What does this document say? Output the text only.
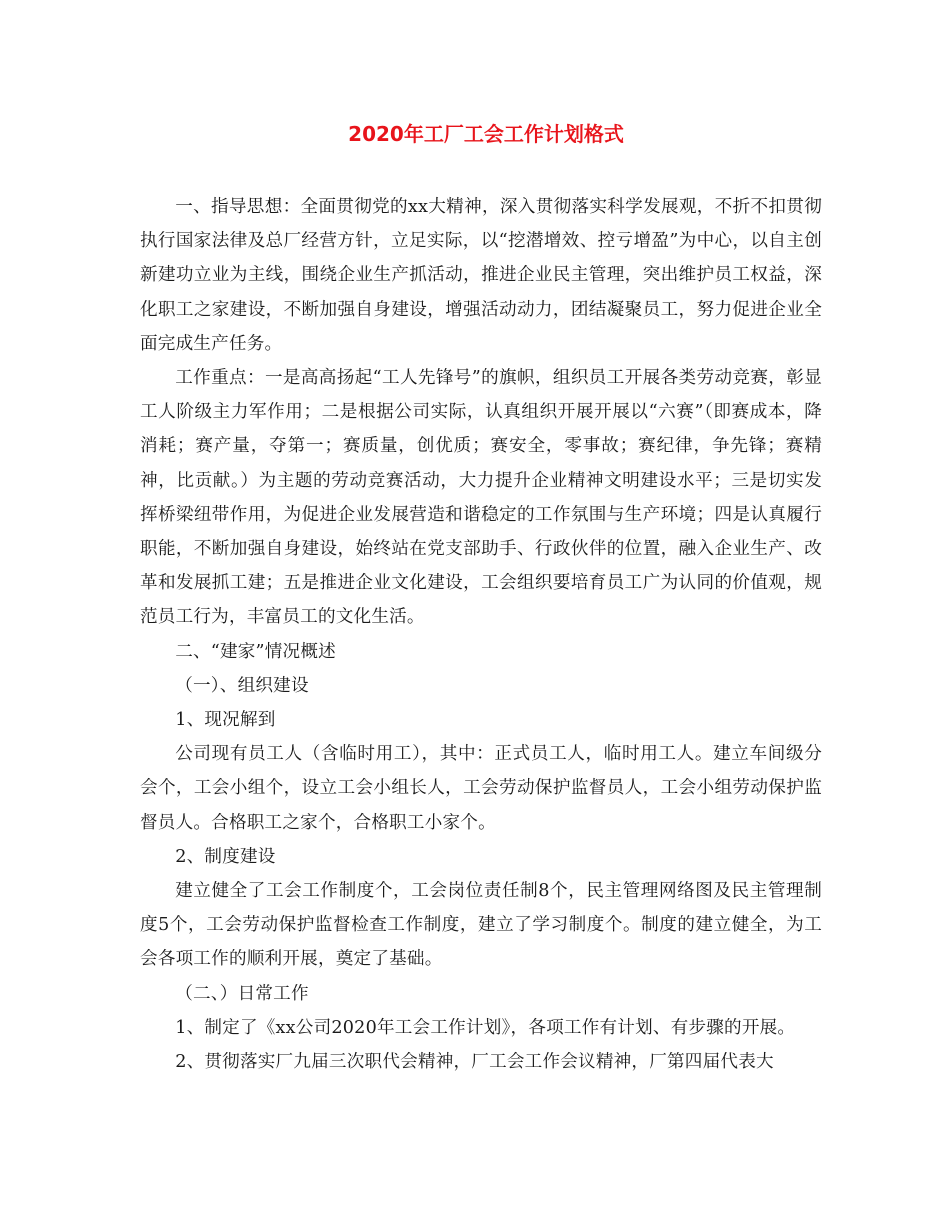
2020年工厂工会工作计划格式

一、指导思想：全面贯彻党的xx大精神，深入贯彻落实科学发展观，不折不扣贯彻执行国家法律及总厂经营方针，立足实际，以“挖潜增效、控亏增盈”为中心，以自主创新建功立业为主线，围绕企业生产抓活动，推进企业民主管理，突出维护员工权益，深化职工之家建设，不断加强自身建设，增强活动动力，团结凝聚员工，努力促进企业全面完成生产任务。

工作重点：一是高高扬起“工人先锋号”的旗帜，组织员工开展各类劳动竞赛，彰显工人阶级主力军作用；二是根据公司实际，认真组织开展开展以“六赛”（即赛成本，降消耗；赛产量，夺第一；赛质量，创优质；赛安全，零事故；赛纪律，争先锋；赛精神，比贡献。）为主题的劳动竞赛活动，大力提升企业精神文明建设水平；三是切实发挥桥梁纽带作用，为促进企业发展营造和谐稳定的工作氛围与生产环境；四是认真履行职能，不断加强自身建设，始终站在党支部助手、行政伙伴的位置，融入企业生产、改革和发展抓工建；五是推进企业文化建设，工会组织要培育员工广为认同的价值观，规范员工行为，丰富员工的文化生活。

二、“建家”情况概述

（一）、组织建设

1、现况解到

公司现有员工人（含临时用工），其中：正式员工人，临时用工人。建立车间级分会个，工会小组个，设立工会小组长人，工会劳动保护监督员人，工会小组劳动保护监督员人。合格职工之家个，合格职工小家个。

2、制度建设

建立健全了工会工作制度个，工会岗位责任制8个，民主管理网络图及民主管理制度5个，工会劳动保护监督检查工作制度，建立了学习制度个。制度的建立健全，为工会各项工作的顺利开展，奠定了基础。

（二、）日常工作

1、制定了《xx公司2020年工会工作计划》，各项工作有计划、有步骤的开展。

2、贯彻落实厂九届三次职代会精神，厂工会工作会议精神，厂第四届代表大
